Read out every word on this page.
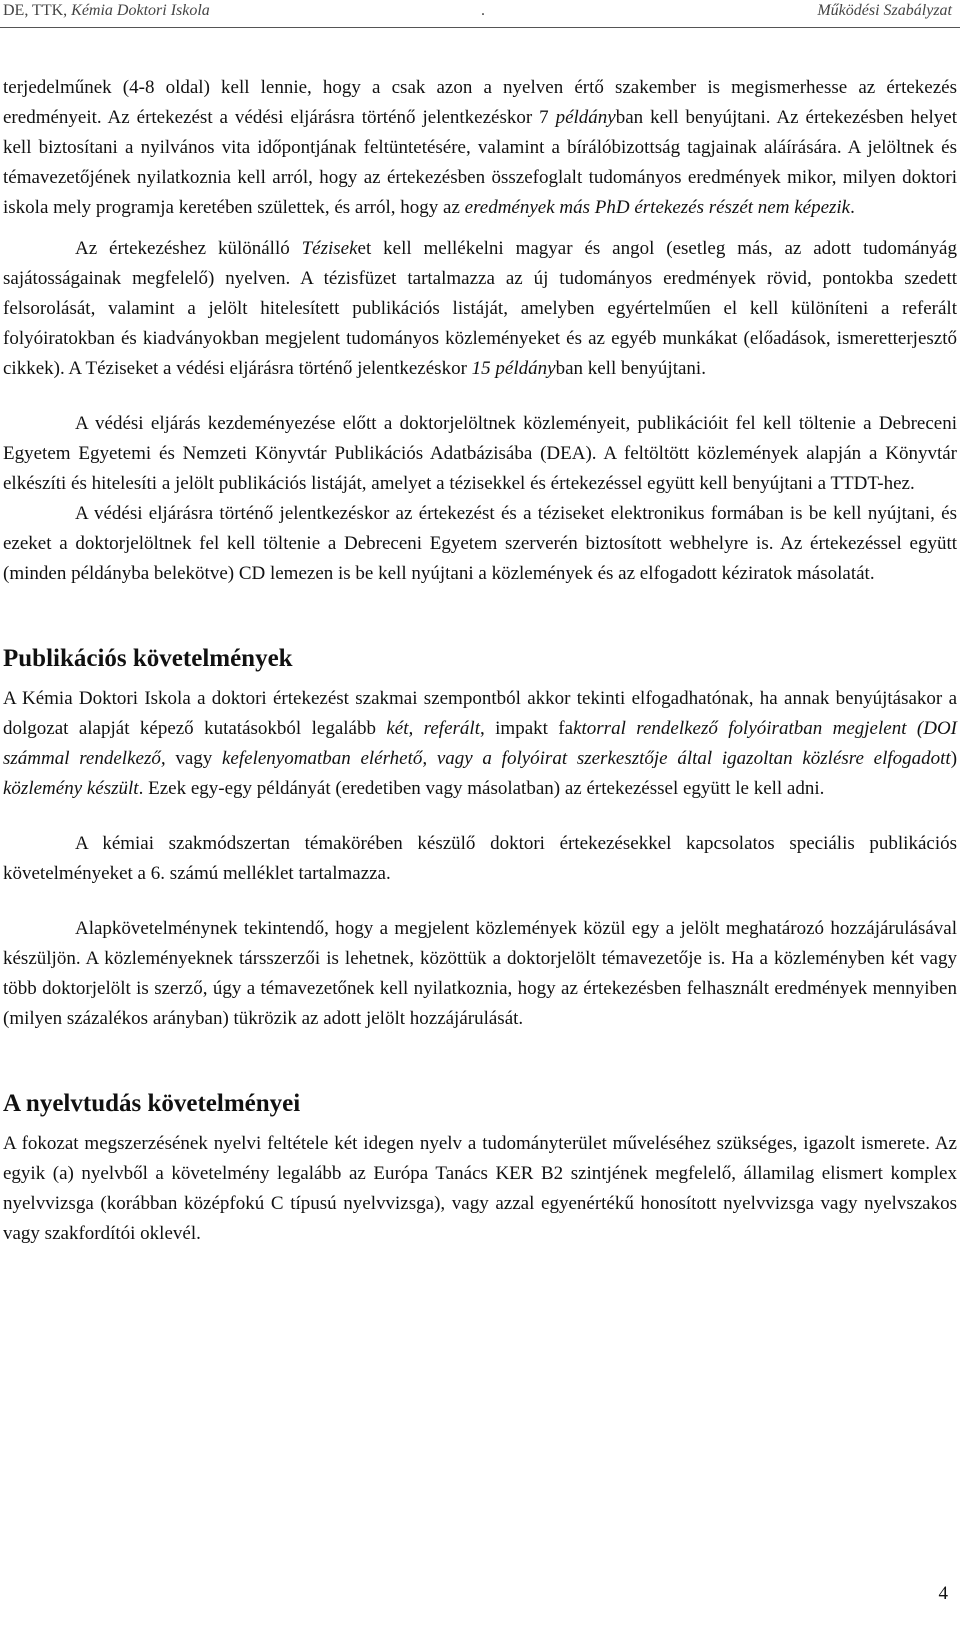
DE, TTK, Kémia Doktori Iskola	.	Működési Szabályzat

terjedelműnek (4-8 oldal) kell lennie, hogy a csak azon a nyelven értő szakember is megismerhesse az értekezés eredményeit. Az értekezést a védési eljárásra történő jelentkezéskor 7 példányban kell benyújtani. Az értekezésben helyet kell biztosítani a nyilvános vita időpontjának feltüntetésére, valamint a bírálóbizottság tagjainak aláírására. A jelöltnek és témavezetőjének nyilatkoznia kell arról, hogy az értekezésben összefoglalt tudományos eredmények mikor, milyen doktori iskola mely programja keretében születtek, és arról, hogy az eredmények más PhD értekezés részét nem képezik.

Az értekezéshez különálló Téziseket kell mellékelni magyar és angol (esetleg más, az adott tudományág sajátosságainak megfelelő) nyelven. A tézisfüzet tartalmazza az új tudományos eredmények rövid, pontokba szedett felsorolását, valamint a jelölt hitelesített publikációs listáját, amelyben egyértelműen el kell különíteni a referált folyóiratokban és kiadványokban megjelent tudományos közleményeket és az egyéb munkákat (előadások, ismeretterjesztő cikkek). A Téziseket a védési eljárásra történő jelentkezéskor 15 példányban kell benyújtani.

A védési eljárás kezdeményezése előtt a doktorjelöltnek közleményeit, publikációit fel kell töltenie a Debreceni Egyetem Egyetemi és Nemzeti Könyvtár Publikációs Adatbázisába (DEA). A feltöltött közlemények alapján a Könyvtár elkészíti és hitelesíti a jelölt publikációs listáját, amelyet a tézisekkel és értekezéssel együtt kell benyújtani a TTDT-hez.

A védési eljárásra történő jelentkezéskor az értekezést és a téziseket elektronikus formában is be kell nyújtani, és ezeket a doktorjelöltnek fel kell töltenie a Debreceni Egyetem szerverén biztosított webhelyre is. Az értekezéssel együtt (minden példányba belekötve) CD lemezen is be kell nyújtani a közlemények és az elfogadott kéziratok másolatát.

Publikációs követelmények

A Kémia Doktori Iskola a doktori értekezést szakmai szempontból akkor tekinti elfogadhatónak, ha annak benyújtásakor a dolgozat alapját képező kutatásokból legalább két, referált, impakt faktorral rendelkező folyóiratban megjelent (DOI számmal rendelkező, vagy kefelenyomatban elérhető, vagy a folyóirat szerkesztője által igazoltan közlésre elfogadott) közlemény készült. Ezek egy-egy példányát (eredetiben vagy másolatban) az értekezéssel együtt le kell adni.

A kémiai szakmódszertan témakörében készülő doktori értekezésekkel kapcsolatos speciális publikációs követelményeket a 6. számú melléklet tartalmazza.

Alapkövetelménynek tekintendő, hogy a megjelent közlemények közül egy a jelölt meghatározó hozzájárulásával készüljön. A közleményeknek társszerzői is lehetnek, közöttük a doktorjelölt témavezetője is. Ha a közleményben két vagy több doktorjelölt is szerző, úgy a témavezetőnek kell nyilatkoznia, hogy az értekezésben felhasznált eredmények mennyiben (milyen százalékos arányban) tükrözik az adott jelölt hozzájárulását.

A nyelvtudás követelményei

A fokozat megszerzésének nyelvi feltétele két idegen nyelv a tudományterület műveléséhez szükséges, igazolt ismerete. Az egyik (a) nyelvből a követelmény legalább az Európa Tanács KER B2 szintjének megfelelő, államilag elismert komplex nyelvvizsga (korábban középfokú C típusú nyelvvizsga), vagy azzal egyenértékű honosított nyelvvizsga vagy nyelvszakos vagy szakfordítói oklevél.

4
